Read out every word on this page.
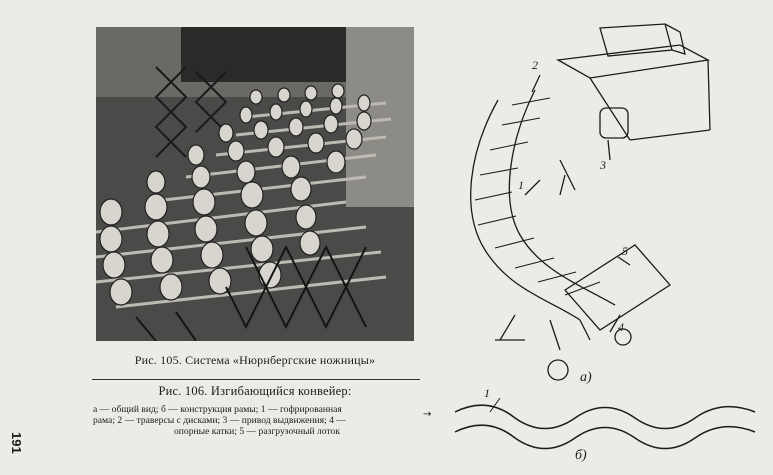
Рис. 105. Система «Нюрнбергские ножницы»
Рис. 106. Изгибающийся конвейер:
а — общий вид; б — конструкция рамы; 1 — гофрированная
рама; 2 — траверсы с дисками; 3 — привод выдвижения; 4 —
опорные катки; 5 — разгрузочный лоток
→
191
2
3
1
5
4
а)
1
б)
